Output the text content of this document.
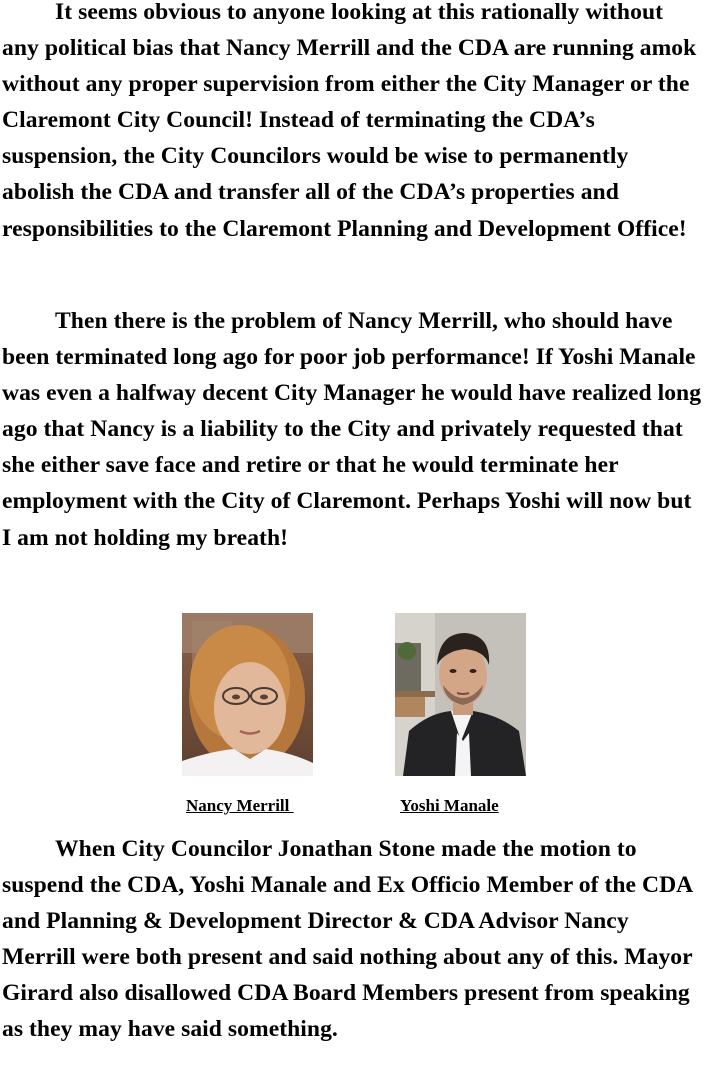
It seems obvious to anyone looking at this rationally without any political bias that Nancy Merrill and the CDA are running amok without any proper supervision from either the City Manager or the Claremont City Council! Instead of terminating the CDA’s suspension, the City Councilors would be wise to permanently abolish the CDA and transfer all of the CDA’s properties and responsibilities to the Claremont Planning and Development Office!

Then there is the problem of Nancy Merrill, who should have been terminated long ago for poor job performance! If Yoshi Manale was even a halfway decent City Manager he would have realized long ago that Nancy is a liability to the City and privately requested that she either save face and retire or that he would terminate her employment with the City of Claremont. Perhaps Yoshi will now but I am not holding my breath!

Nancy Merrill	Yoshi Manale

When City Councilor Jonathan Stone made the motion to suspend the CDA, Yoshi Manale and Ex Officio Member of the CDA and Planning & Development Director & CDA Advisor Nancy Merrill were both present and said nothing about any of this. Mayor Girard also disallowed CDA Board Members present from speaking as they may have said something.
